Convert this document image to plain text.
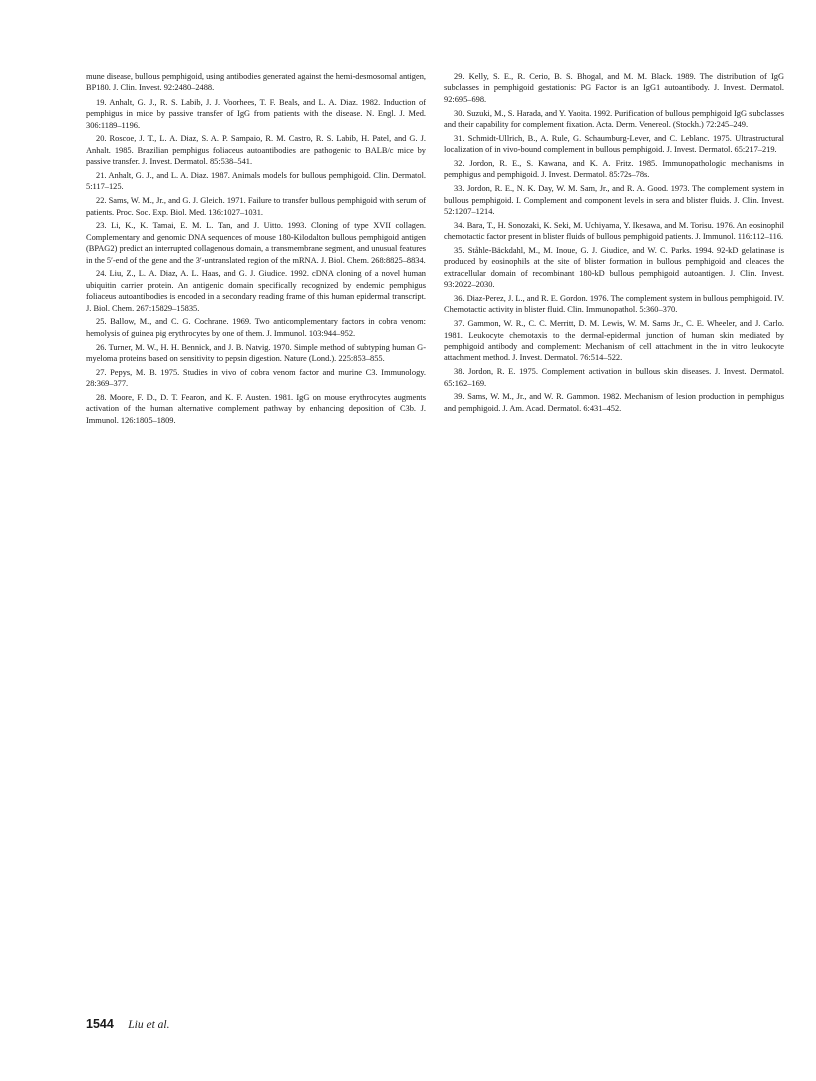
mune disease, bullous pemphigoid, using antibodies generated against the hemi-desmosomal antigen, BP180. J. Clin. Invest. 92:2480–2488.

19. Anhalt, G. J., R. S. Labib, J. J. Voorhees, T. F. Beals, and L. A. Diaz. 1982. Induction of pemphigus in mice by passive transfer of IgG from patients with the disease. N. Engl. J. Med. 306:1189–1196.

20. Roscoe, J. T., L. A. Diaz, S. A. P. Sampaio, R. M. Castro, R. S. Labib, H. Patel, and G. J. Anhalt. 1985. Brazilian pemphigus foliaceus autoantibodies are pathogenic to BALB/c mice by passive transfer. J. Invest. Dermatol. 85:538–541.

21. Anhalt, G. J., and L. A. Diaz. 1987. Animals models for bullous pemphigoid. Clin. Dermatol. 5:117–125.

22. Sams, W. M., Jr., and G. J. Gleich. 1971. Failure to transfer bullous pemphigoid with serum of patients. Proc. Soc. Exp. Biol. Med. 136:1027–1031.

23. Li, K., K. Tamai, E. M. L. Tan, and J. Uitto. 1993. Cloning of type XVII collagen. Complementary and genomic DNA sequences of mouse 180-Kilodalton bullous pemphigoid antigen (BPAG2) predict an interrupted collagenous domain, a transmembrane segment, and unusual features in the 5′-end of the gene and the 3′-untranslated region of the mRNA. J. Biol. Chem. 268:8825–8834.

24. Liu, Z., L. A. Diaz, A. L. Haas, and G. J. Giudice. 1992. cDNA cloning of a novel human ubiquitin carrier protein. An antigenic domain specifically recognized by endemic pemphigus foliaceus autoantibodies is encoded in a secondary reading frame of this human epidermal transcript. J. Biol. Chem. 267:15829–15835.

25. Ballow, M., and C. G. Cochrane. 1969. Two anticomplementary factors in cobra venom: hemolysis of guinea pig erythrocytes by one of them. J. Immunol. 103:944–952.

26. Turner, M. W., H. H. Bennick, and J. B. Natvig. 1970. Simple method of subtyping human G-myeloma proteins based on sensitivity to pepsin digestion. Nature (Lond.). 225:853–855.

27. Pepys, M. B. 1975. Studies in vivo of cobra venom factor and murine C3. Immunology. 28:369–377.

28. Moore, F. D., D. T. Fearon, and K. F. Austen. 1981. IgG on mouse erythrocytes augments activation of the human alternative complement pathway by enhancing deposition of C3b. J. Immunol. 126:1805–1809.

29. Kelly, S. E., R. Cerio, B. S. Bhogal, and M. M. Black. 1989. The distribution of IgG subclasses in pemphigoid gestationis: PG Factor is an IgG1 autoantibody. J. Invest. Dermatol. 92:695–698.

30. Suzuki, M., S. Harada, and Y. Yaoita. 1992. Purification of bullous pemphigoid IgG subclasses and their capability for complement fixation. Acta. Derm. Venereol. (Stockh.) 72:245–249.

31. Schmidt-Ullrich, B., A. Rule, G. Schaumburg-Lever, and C. Leblanc. 1975. Ultrastructural localization of in vivo-bound complement in bullous pemphigoid. J. Invest. Dermatol. 65:217–219.

32. Jordon, R. E., S. Kawana, and K. A. Fritz. 1985. Immunopathologic mechanisms in pemphigus and pemphigoid. J. Invest. Dermatol. 85:72s–78s.

33. Jordon, R. E., N. K. Day, W. M. Sam, Jr., and R. A. Good. 1973. The complement system in bullous pemphigoid. I. Complement and component levels in sera and blister fluids. J. Clin. Invest. 52:1207–1214.

34. Bara, T., H. Sonozaki, K. Seki, M. Uchiyama, Y. Ikesawa, and M. Torisu. 1976. An eosinophil chemotactic factor present in blister fluids of bullous pemphigoid patients. J. Immunol. 116:112–116.

35. Ståhle-Bäckdahl, M., M. Inoue, G. J. Giudice, and W. C. Parks. 1994. 92-kD gelatinase is produced by eosinophils at the site of blister formation in bullous pemphigoid and cleaces the extracellular domain of recombinant 180-kD bullous pemphigoid autoantigen. J. Clin. Invest. 93:2022–2030.

36. Diaz-Perez, J. L., and R. E. Gordon. 1976. The complement system in bullous pemphigoid. IV. Chemotactic activity in blister fluid. Clin. Immunopathol. 5:360–370.

37. Gammon, W. R., C. C. Merritt, D. M. Lewis, W. M. Sams Jr., C. E. Wheeler, and J. Carlo. 1981. Leukocyte chemotaxis to the dermal-epidermal junction of human skin mediated by pemphigoid antibody and complement: Mechanism of cell attachment in the in vitro leukocyte attachment method. J. Invest. Dermatol. 76:514–522.

38. Jordon, R. E. 1975. Complement activation in bullous skin diseases. J. Invest. Dermatol. 65:162–169.

39. Sams, W. M., Jr., and W. R. Gammon. 1982. Mechanism of lesion production in pemphigus and pemphigoid. J. Am. Acad. Dermatol. 6:431–452.

1544 Liu et al.
